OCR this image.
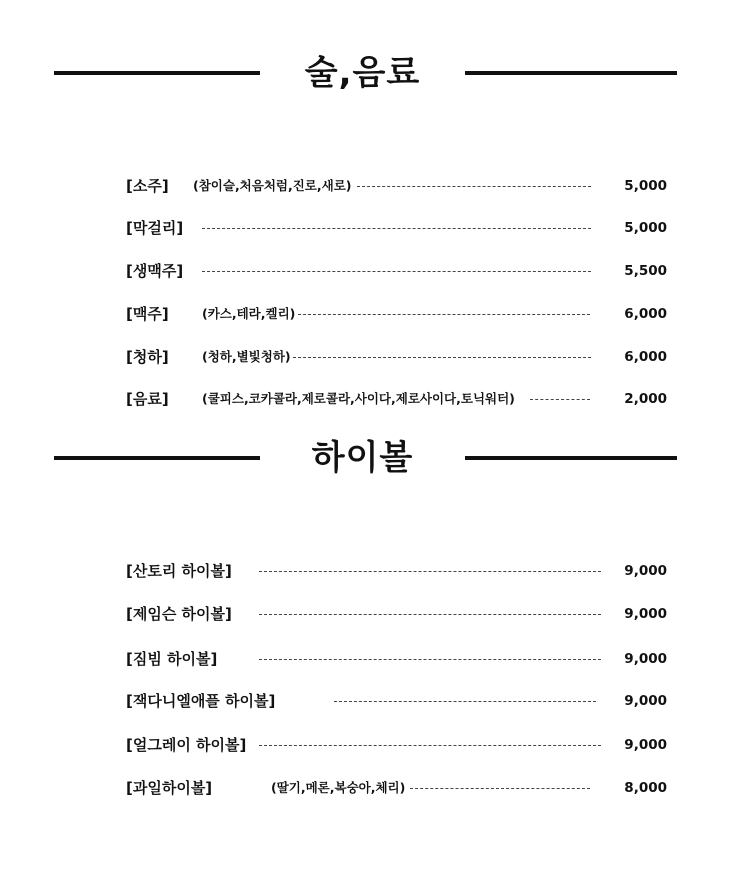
술,음료
[소주] (참이슬,처음처럼,진로,새로)	5,000
[막걸리]	5,000
[생맥주]	5,500
[맥주]	(카스,테라,켈리)	6,000
[청하]	(청하,별빛청하)	6,000
[음료]	(쿨피스,코카콜라,제로콜라,사이다,제로사이다,토닉워터)	2,000
하이볼
[산토리 하이볼]	9,000
[제임슨 하이볼]	9,000
[짐빔 하이볼]	9,000
[잭다니엘애플 하이볼]	9,000
[얼그레이 하이볼]	9,000
[과일하이볼]	(딸기,메론,복숭아,체리)	8,000
